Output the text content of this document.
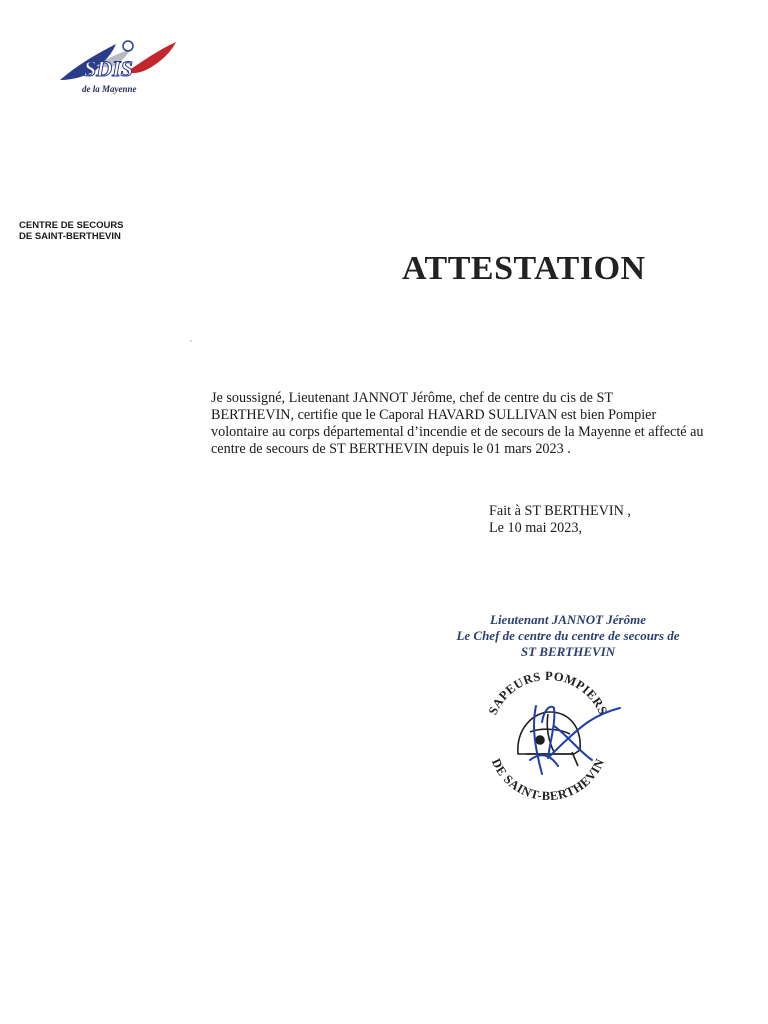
SDIS
de la Mayenne
CENTRE DE SECOURS
DE SAINT-BERTHEVIN
ATTESTATION
Je soussigné, Lieutenant JANNOT Jérôme, chef de centre du cis de ST
BERTHEVIN, certifie que le Caporal HAVARD SULLIVAN est bien Pompier
volontaire au corps départemental d’incendie et de secours de la Mayenne et affecté au
centre de secours de ST BERTHEVIN depuis le 01 mars 2023 .
Fait à ST BERTHEVIN ,
Le 10 mai 2023,
Lieutenant JANNOT Jérôme
Le Chef de centre du centre de secours de
ST BERTHEVIN
SAPEURS POMPIERS
DE SAINT-BERTHEVIN
